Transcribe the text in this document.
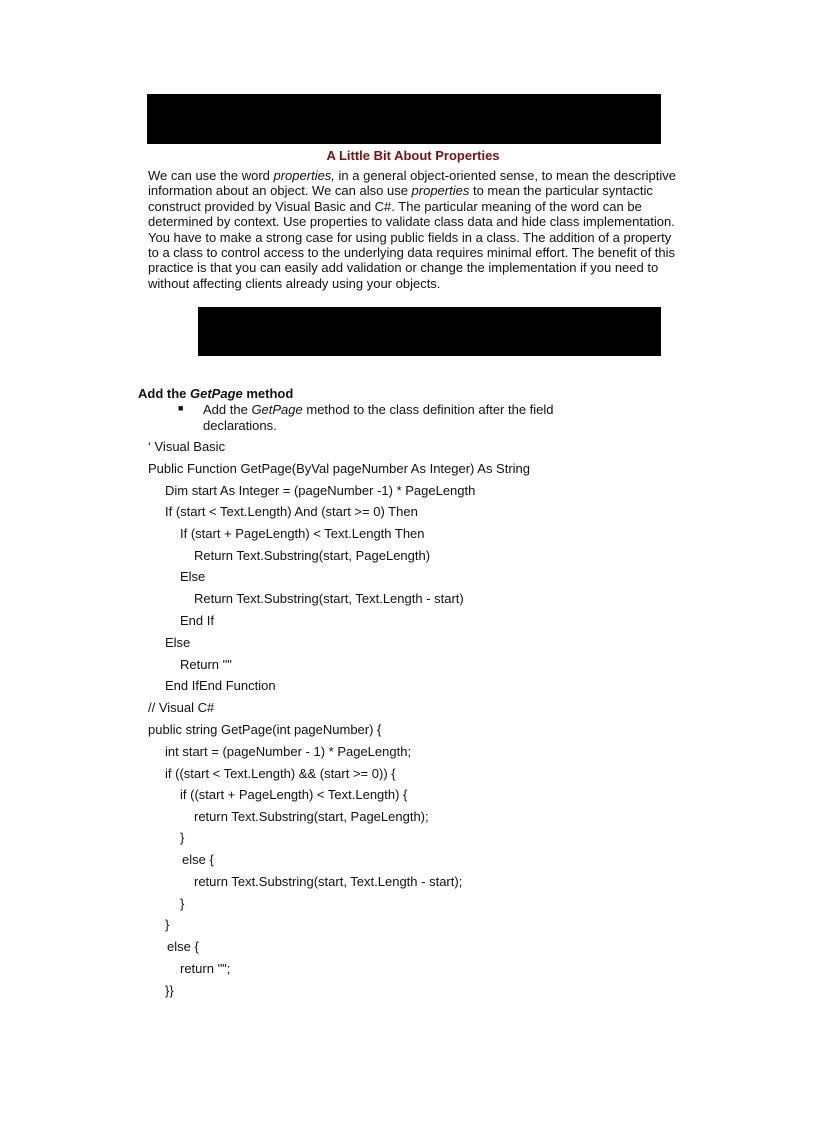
A Little Bit About Properties

We can use the word properties, in a general object-oriented sense, to mean the descriptive information about an object. We can also use properties to mean the particular syntactic construct provided by Visual Basic and C#. The particular meaning of the word can be determined by context. Use properties to validate class data and hide class implementation. You have to make a strong case for using public fields in a class. The addition of a property to a class to control access to the underlying data requires minimal effort. The benefit of this practice is that you can easily add validation or change the implementation if you need to without affecting clients already using your objects.

Add the GetPage method
■ Add the GetPage method to the class definition after the field declarations.
‘ Visual Basic
Public Function GetPage(ByVal pageNumber As Integer) As String
Dim start As Integer = (pageNumber -1) * PageLength
If (start < Text.Length) And (start >= 0) Then
If (start + PageLength) < Text.Length Then
Return Text.Substring(start, PageLength)
Else
Return Text.Substring(start, Text.Length - start)
End If
Else
Return ""
End IfEnd Function
// Visual C#
public string GetPage(int pageNumber) {
int start = (pageNumber - 1) * PageLength;
if ((start < Text.Length) && (start >= 0)) {
if ((start + PageLength) < Text.Length) {
return Text.Substring(start, PageLength);
}
else {
return Text.Substring(start, Text.Length - start);
}
}
else {
return "";
}}
